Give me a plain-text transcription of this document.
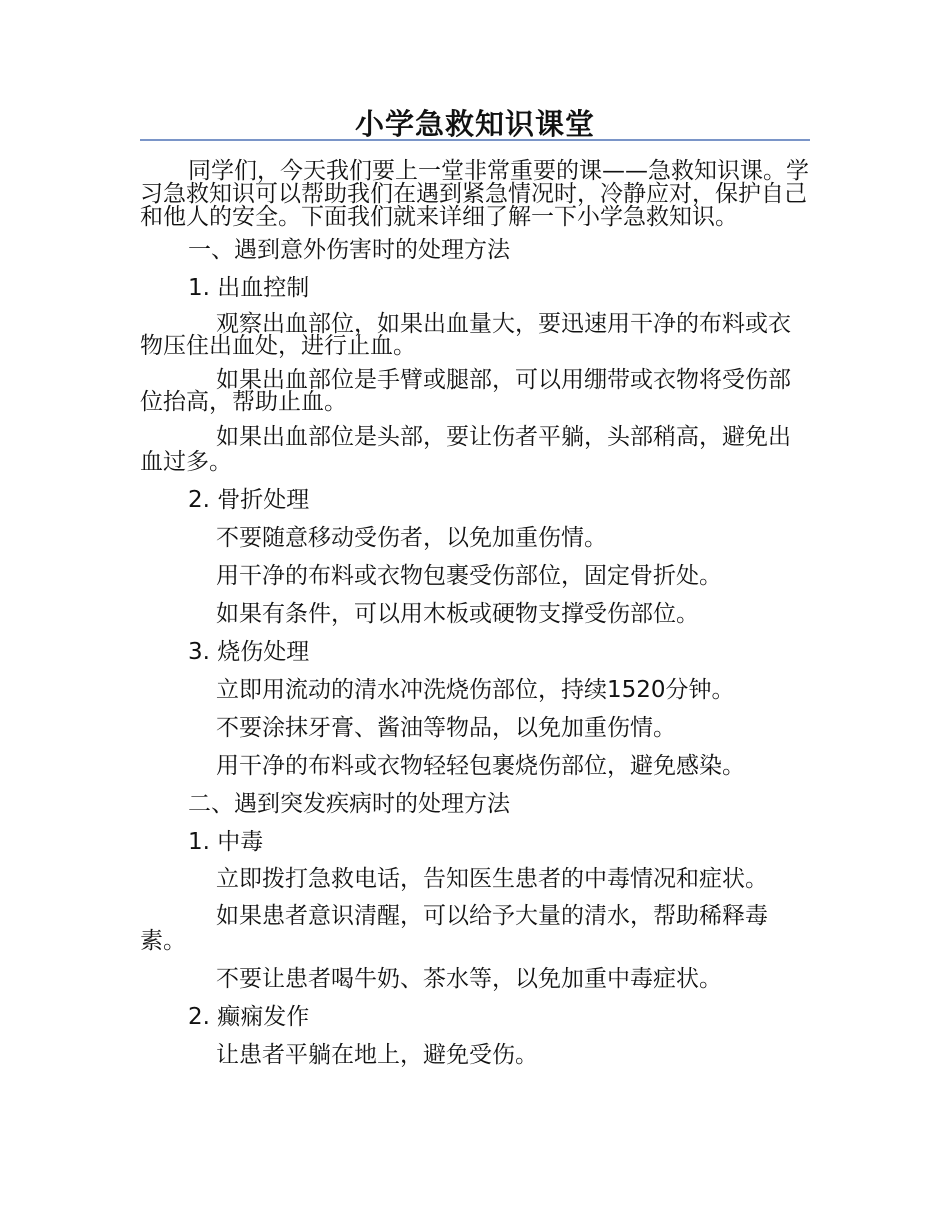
小学急救知识课堂

同学们，今天我们要上一堂非常重要的课——急救知识课。学习急救知识可以帮助我们在遇到紧急情况时，冷静应对，保护自己和他人的安全。下面我们就来详细了解一下小学急救知识。

一、遇到意外伤害时的处理方法

1. 出血控制

观察出血部位，如果出血量大，要迅速用干净的布料或衣物压住出血处，进行止血。

如果出血部位是手臂或腿部，可以用绷带或衣物将受伤部位抬高，帮助止血。

如果出血部位是头部，要让伤者平躺，头部稍高，避免出血过多。

2. 骨折处理

不要随意移动受伤者，以免加重伤情。

用干净的布料或衣物包裹受伤部位，固定骨折处。

如果有条件，可以用木板或硬物支撑受伤部位。

3. 烧伤处理

立即用流动的清水冲洗烧伤部位，持续1520分钟。

不要涂抹牙膏、酱油等物品，以免加重伤情。

用干净的布料或衣物轻轻包裹烧伤部位，避免感染。

二、遇到突发疾病时的处理方法

1. 中毒

立即拨打急救电话，告知医生患者的中毒情况和症状。

如果患者意识清醒，可以给予大量的清水，帮助稀释毒素。

不要让患者喝牛奶、茶水等，以免加重中毒症状。

2. 癫痫发作

让患者平躺在地上，避免受伤。
